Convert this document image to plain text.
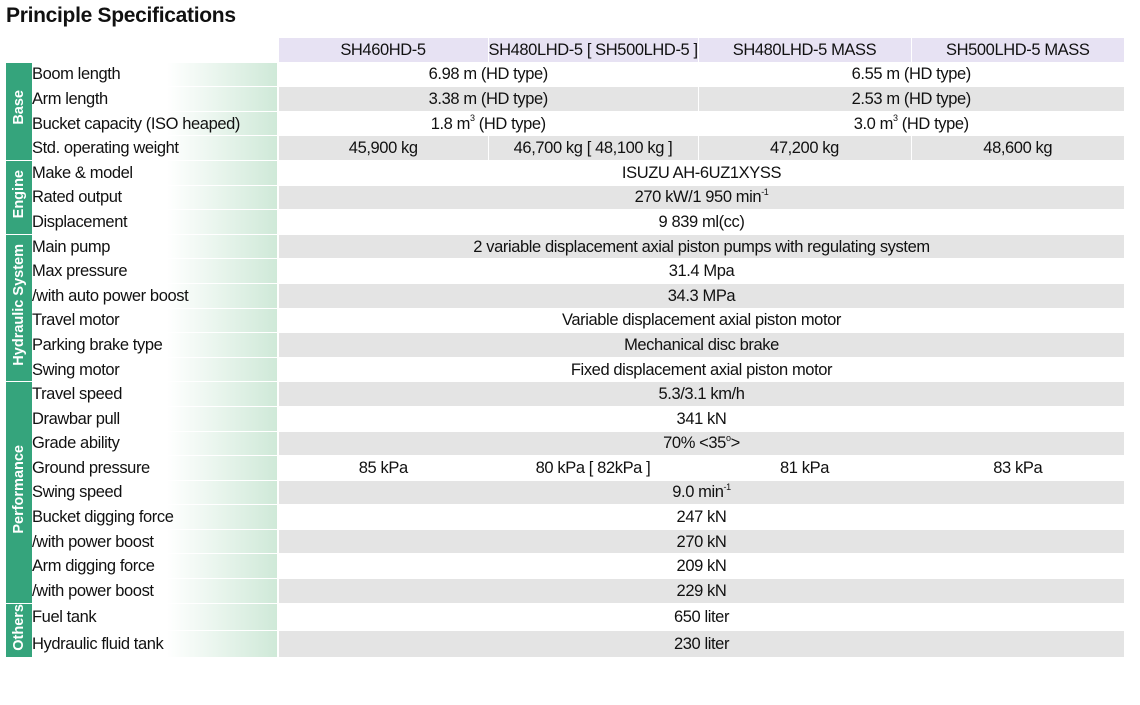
Principle Specifications
		SH460HD-5	SH480LHD-5 [ SH500LHD-5 ]	SH480LHD-5 MASS	SH500LHD-5 MASS
Base	Boom length	6.98 m (HD type)		6.55 m (HD type)	
	Arm length	3.38 m (HD type)		2.53 m (HD type)	
	Bucket capacity (ISO heaped)	1.8 $m^3$ (HD type)		3.0 $m^3$ (HD type)	
	Std. operating weight	45,900 kg	46,700 kg [ 48,100 kg ]	47,200 kg	48,600 kg
Engine	Make & model	ISUZU AH-6UZ1XYSS			
	Rated output	270 kW/1 950 $\min^{-1}$
	Displacement	9 839 ml(cc)			
Hydraulic System	Main pump	2 variable displacement axial piston pumps with regulating system			
	Max pressure	31.4 Mpa			
	/with auto power boost	34.3 MPa			
	Travel motor	Variable displacement axial piston motor			
	Parking brake type	Mechanical disc brake			
	Swing motor	Fixed displacement axial piston motor			
Performance	Travel speed	5.3/3.1 km/h			
	Drawbar pull	341 kN			
	Grade ability	$70\% <35^o>$			
	Ground pressure	85 kPa	80 kPa [ 82kPa ]	81 kPa	83 kPa
	Swing speed	9.0 $\min^{-1}$
	Bucket digging force	247 kN			
	/with power boost	270 kN			
	Arm digging force	209 kN			
	/with power boost	229 kN			
Others	Fuel tank	650 liter			
	Hydraulic fluid tank	230 liter			
